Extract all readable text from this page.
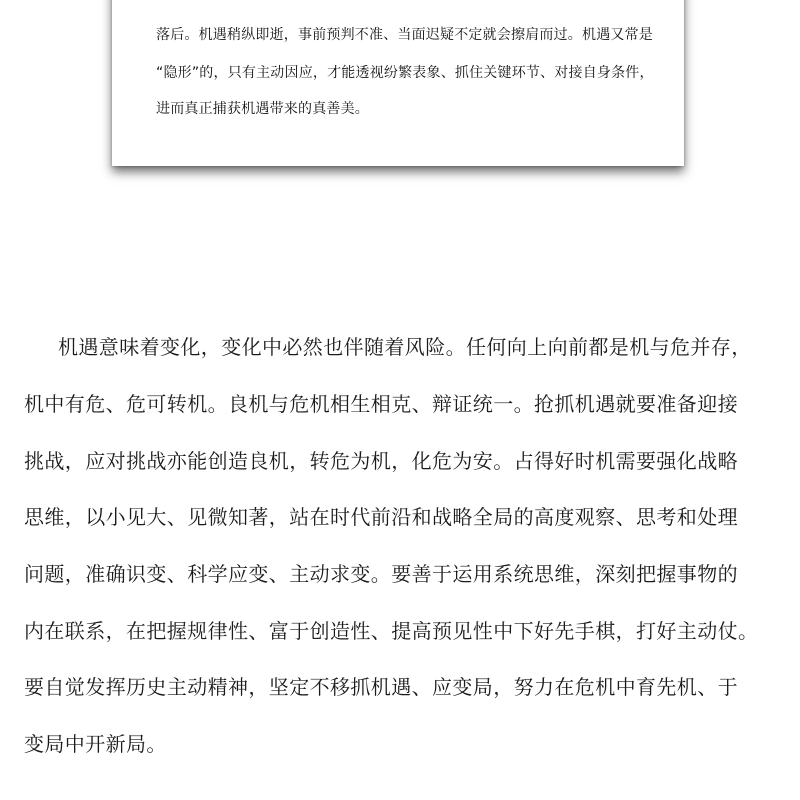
落后。机遇稍纵即逝，事前预判不准、当面迟疑不定就会擦肩而过。机遇又常是
“隐形”的，只有主动因应，才能透视纷繁表象、抓住关键环节、对接自身条件，
进而真正捕获机遇带来的真善美。
机遇意味着变化，变化中必然也伴随着风险。任何向上向前都是机与危并存，
机中有危、危可转机。良机与危机相生相克、辩证统一。抢抓机遇就要准备迎接
挑战，应对挑战亦能创造良机，转危为机，化危为安。占得好时机需要强化战略
思维，以小见大、见微知著，站在时代前沿和战略全局的高度观察、思考和处理
问题，准确识变、科学应变、主动求变。要善于运用系统思维，深刻把握事物的
内在联系，在把握规律性、富于创造性、提高预见性中下好先手棋，打好主动仗。
要自觉发挥历史主动精神，坚定不移抓机遇、应变局，努力在危机中育先机、于
变局中开新局。
